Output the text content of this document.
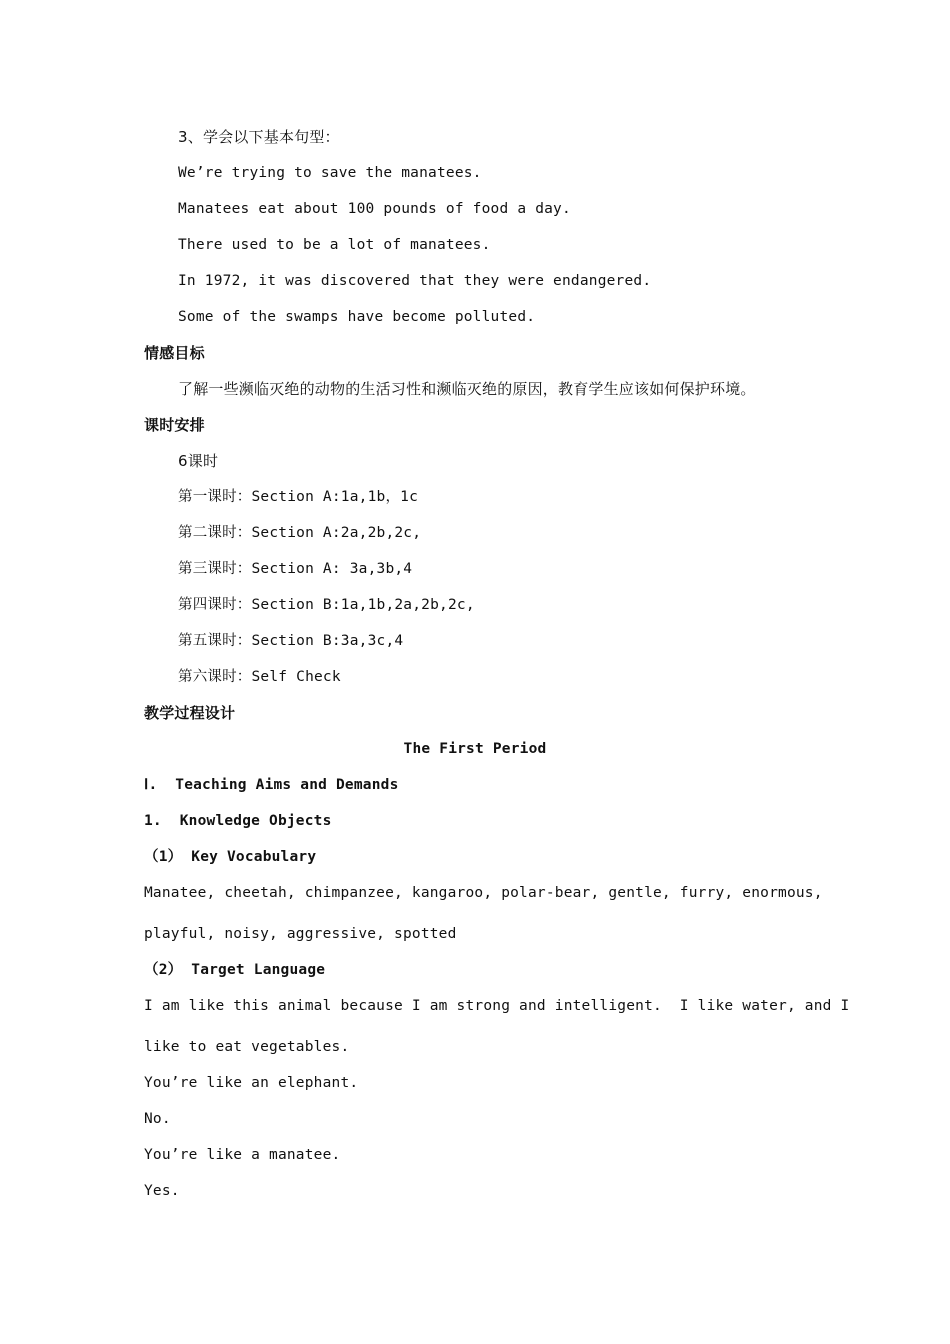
3、学会以下基本句型：
We’re trying to save the manatees.
Manatees eat about 100 pounds of food a day.
There used to be a lot of manatees.
In 1972, it was discovered that they were endangered.
Some of the swamps have become polluted.
情感目标
了解一些濒临灭绝的动物的生活习性和濒临灭绝的原因，教育学生应该如何保护环境。
课时安排
6课时
第一课时：Section A:1a,1b，1c
第二课时：Section A:2a,2b,2c,
第三课时：Section A: 3a,3b,4
第四课时：Section B:1a,1b,2a,2b,2c,
第五课时：Section B:3a,3c,4
第六课时：Self Check
教学过程设计
The First Period
Ⅰ.  Teaching Aims and Demands
1.  Knowledge Objects
（1） Key Vocabulary
Manatee, cheetah, chimpanzee, kangaroo, polar-bear, gentle, furry, enormous,
playful, noisy, aggressive, spotted
（2） Target Language
I am like this animal because I am strong and intelligent.  I like water, and I
like to eat vegetables.
You’re like an elephant.
No.
You’re like a manatee.
Yes.
